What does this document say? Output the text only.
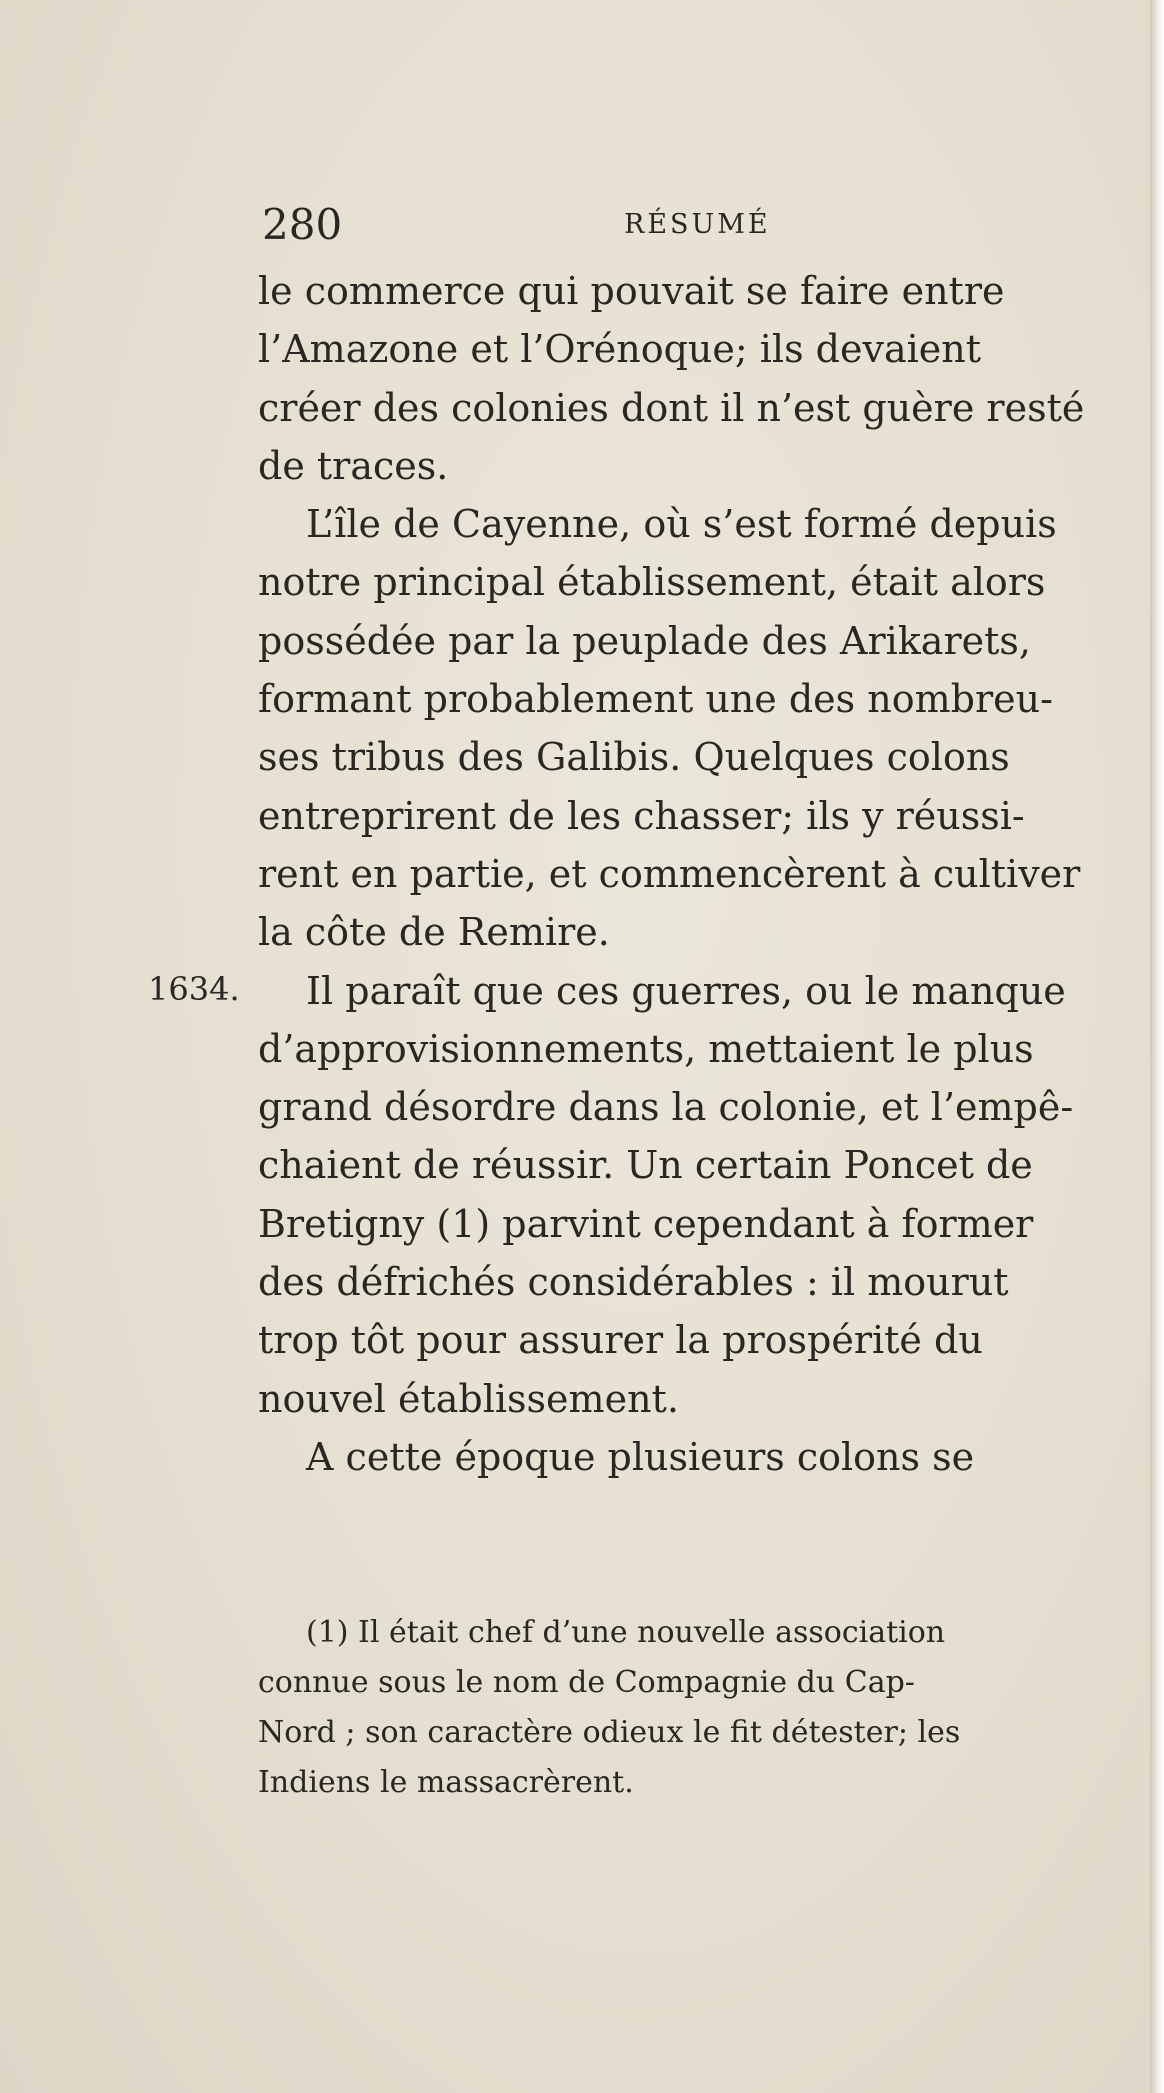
280	RÉSUMÉ
1634.
le commerce qui pouvait se faire entre
l’Amazone et l’Orénoque; ils devaient
créer des colonies dont il n’est guère resté
de traces.
L’île de Cayenne, où s’est formé depuis
notre principal établissement, était alors
possédée par la peuplade des Arikarets,
formant probablement une des nombreu-
ses tribus des Galibis. Quelques colons
entreprirent de les chasser; ils y réussi-
rent en partie, et commencèrent à cultiver
la côte de Remire.
Il paraît que ces guerres, ou le manque
d’approvisionnements, mettaient le plus
grand désordre dans la colonie, et l’empê-
chaient de réussir. Un certain Poncet de
Bretigny (1) parvint cependant à former
des défrichés considérables : il mourut
trop tôt pour assurer la prospérité du
nouvel établissement.
A cette époque plusieurs colons se
(1) Il était chef d’une nouvelle association
connue sous le nom de Compagnie du Cap-
Nord ; son caractère odieux le fit détester; les
Indiens le massacrèrent.
